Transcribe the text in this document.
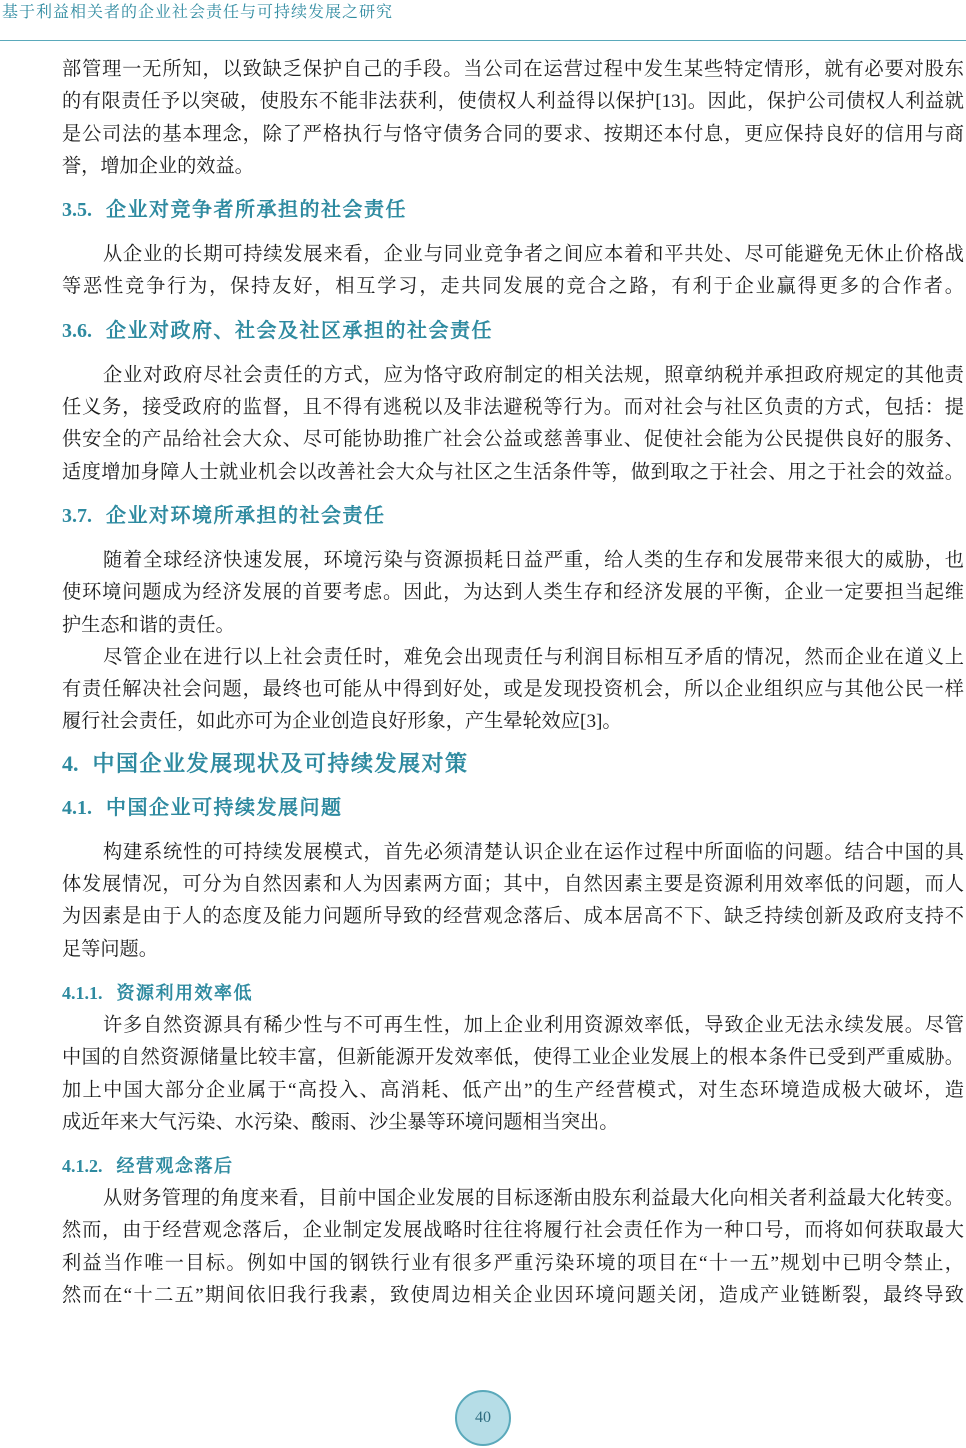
基于利益相关者的企业社会责任与可持续发展之研究
部管理一无所知，以致缺乏保护自己的手段。当公司在运营过程中发生某些特定情形，就有必要对股东
的有限责任予以突破，使股东不能非法获利，使债权人利益得以保护[13]。因此，保护公司债权人利益就
是公司法的基本理念，除了严格执行与恪守债务合同的要求、按期还本付息，更应保持良好的信用与商
誉，增加企业的效益。
3.5. 企业对竞争者所承担的社会责任
从企业的长期可持续发展来看，企业与同业竞争者之间应本着和平共处、尽可能避免无休止价格战
等恶性竞争行为，保持友好，相互学习，走共同发展的竞合之路，有利于企业赢得更多的合作者。
3.6. 企业对政府、社会及社区承担的社会责任
企业对政府尽社会责任的方式，应为恪守政府制定的相关法规，照章纳税并承担政府规定的其他责
任义务，接受政府的监督，且不得有逃税以及非法避税等行为。而对社会与社区负责的方式，包括：提
供安全的产品给社会大众、尽可能协助推广社会公益或慈善事业、促使社会能为公民提供良好的服务、
适度增加身障人士就业机会以改善社会大众与社区之生活条件等，做到取之于社会、用之于社会的效益。
3.7. 企业对环境所承担的社会责任
随着全球经济快速发展，环境污染与资源损耗日益严重，给人类的生存和发展带来很大的威胁，也
使环境问题成为经济发展的首要考虑。因此，为达到人类生存和经济发展的平衡，企业一定要担当起维
护生态和谐的责任。
尽管企业在进行以上社会责任时，难免会出现责任与利润目标相互矛盾的情况，然而企业在道义上
有责任解决社会问题，最终也可能从中得到好处，或是发现投资机会，所以企业组织应与其他公民一样
履行社会责任，如此亦可为企业创造良好形象，产生晕轮效应[3]。
4. 中国企业发展现状及可持续发展对策
4.1. 中国企业可持续发展问题
构建系统性的可持续发展模式，首先必须清楚认识企业在运作过程中所面临的问题。结合中国的具
体发展情况，可分为自然因素和人为因素两方面；其中，自然因素主要是资源利用效率低的问题，而人
为因素是由于人的态度及能力问题所导致的经营观念落后、成本居高不下、缺乏持续创新及政府支持不
足等问题。
4.1.1. 资源利用效率低
许多自然资源具有稀少性与不可再生性，加上企业利用资源效率低，导致企业无法永续发展。尽管
中国的自然资源储量比较丰富，但新能源开发效率低，使得工业企业发展上的根本条件已受到严重威胁。
加上中国大部分企业属于“高投入、高消耗、低产出”的生产经营模式，对生态环境造成极大破坏，造
成近年来大气污染、水污染、酸雨、沙尘暴等环境问题相当突出。
4.1.2. 经营观念落后
从财务管理的角度来看，目前中国企业发展的目标逐渐由股东利益最大化向相关者利益最大化转变。
然而，由于经营观念落后，企业制定发展战略时往往将履行社会责任作为一种口号，而将如何获取最大
利益当作唯一目标。例如中国的钢铁行业有很多严重污染环境的项目在“十一五”规划中已明令禁止，
然而在“十二五”期间依旧我行我素，致使周边相关企业因环境问题关闭，造成产业链断裂，最终导致
40
